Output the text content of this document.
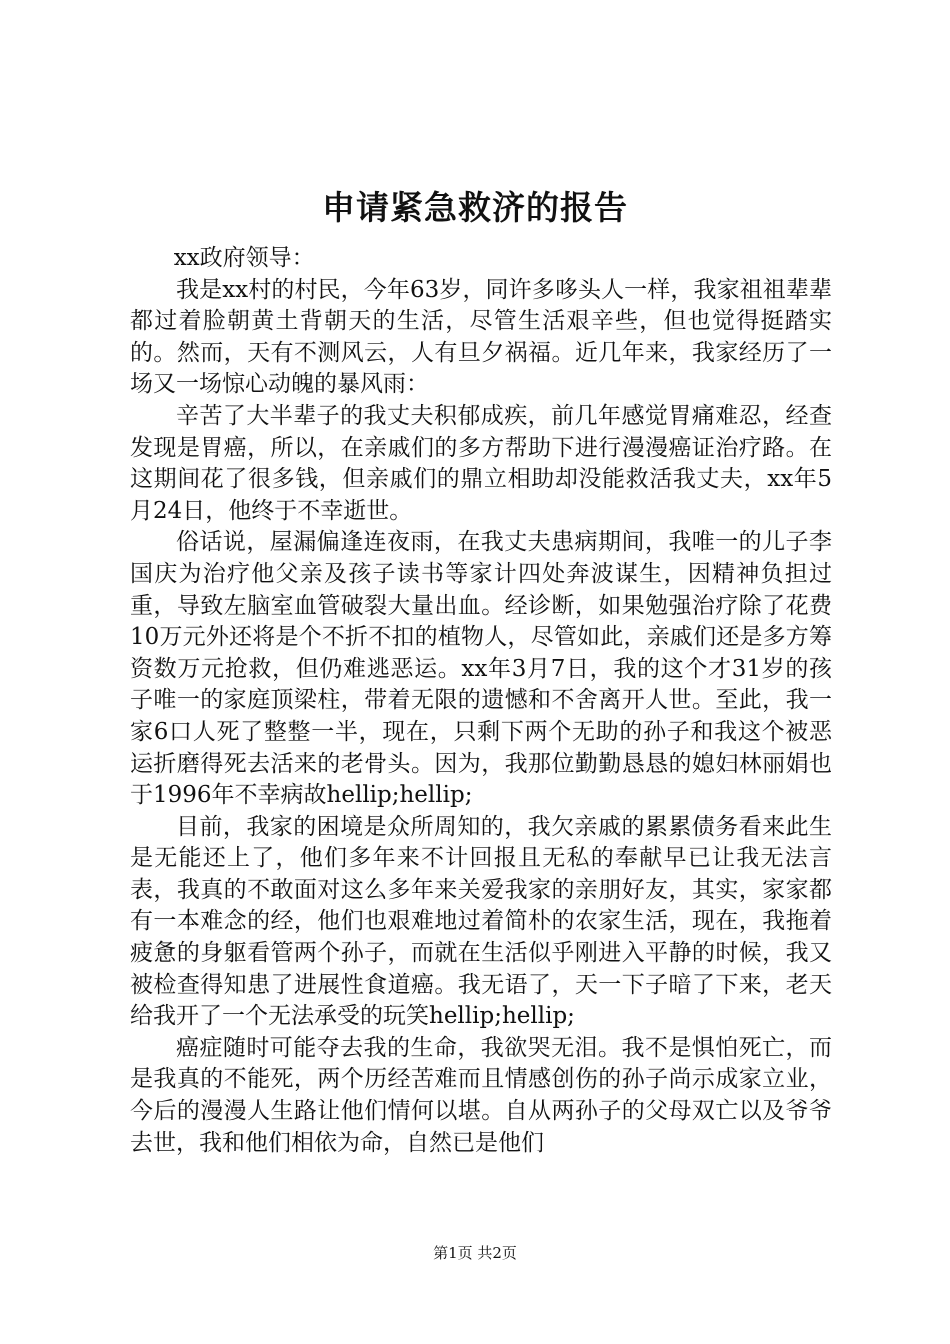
申请紧急救济的报告

xx政府领导：

我是xx村的村民，今年63岁，同许多哆头人一样，我家祖祖辈辈都过着脸朝黄土背朝天的生活，尽管生活艰辛些，但也觉得挺踏实的。然而，天有不测风云，人有旦夕祸福。近几年来，我家经历了一场又一场惊心动魄的暴风雨：

辛苦了大半辈子的我丈夫积郁成疾，前几年感觉胃痛难忍，经查发现是胃癌，所以，在亲戚们的多方帮助下进行漫漫癌证治疗路。在这期间花了很多钱，但亲戚们的鼎立相助却没能救活我丈夫，xx年5月24日，他终于不幸逝世。

俗话说，屋漏偏逢连夜雨，在我丈夫患病期间，我唯一的儿子李国庆为治疗他父亲及孩子读书等家计四处奔波谋生，因精神负担过重，导致左脑室血管破裂大量出血。经诊断，如果勉强治疗除了花费10万元外还将是个不折不扣的植物人，尽管如此，亲戚们还是多方筹资数万元抢救，但仍难逃恶运。xx年3月7日，我的这个才31岁的孩子唯一的家庭顶梁柱，带着无限的遗憾和不舍离开人世。至此，我一家6口人死了整整一半，现在，只剩下两个无助的孙子和我这个被恶运折磨得死去活来的老骨头。因为，我那位勤勤恳恳的媳妇林丽娟也于1996年不幸病故hellip;hellip;

目前，我家的困境是众所周知的，我欠亲戚的累累债务看来此生是无能还上了，他们多年来不计回报且无私的奉献早已让我无法言表，我真的不敢面对这么多年来关爱我家的亲朋好友，其实，家家都有一本难念的经，他们也艰难地过着简朴的农家生活，现在，我拖着疲惫的身躯看管两个孙子，而就在生活似乎刚进入平静的时候，我又被检查得知患了进展性食道癌。我无语了，天一下子暗了下来，老天给我开了一个无法承受的玩笑hellip;hellip;

癌症随时可能夺去我的生命，我欲哭无泪。我不是惧怕死亡，而是我真的不能死，两个历经苦难而且情感创伤的孙子尚示成家立业，今后的漫漫人生路让他们情何以堪。自从两孙子的父母双亡以及爷爷去世，我和他们相依为命，自然已是他们

第1页 共2页
